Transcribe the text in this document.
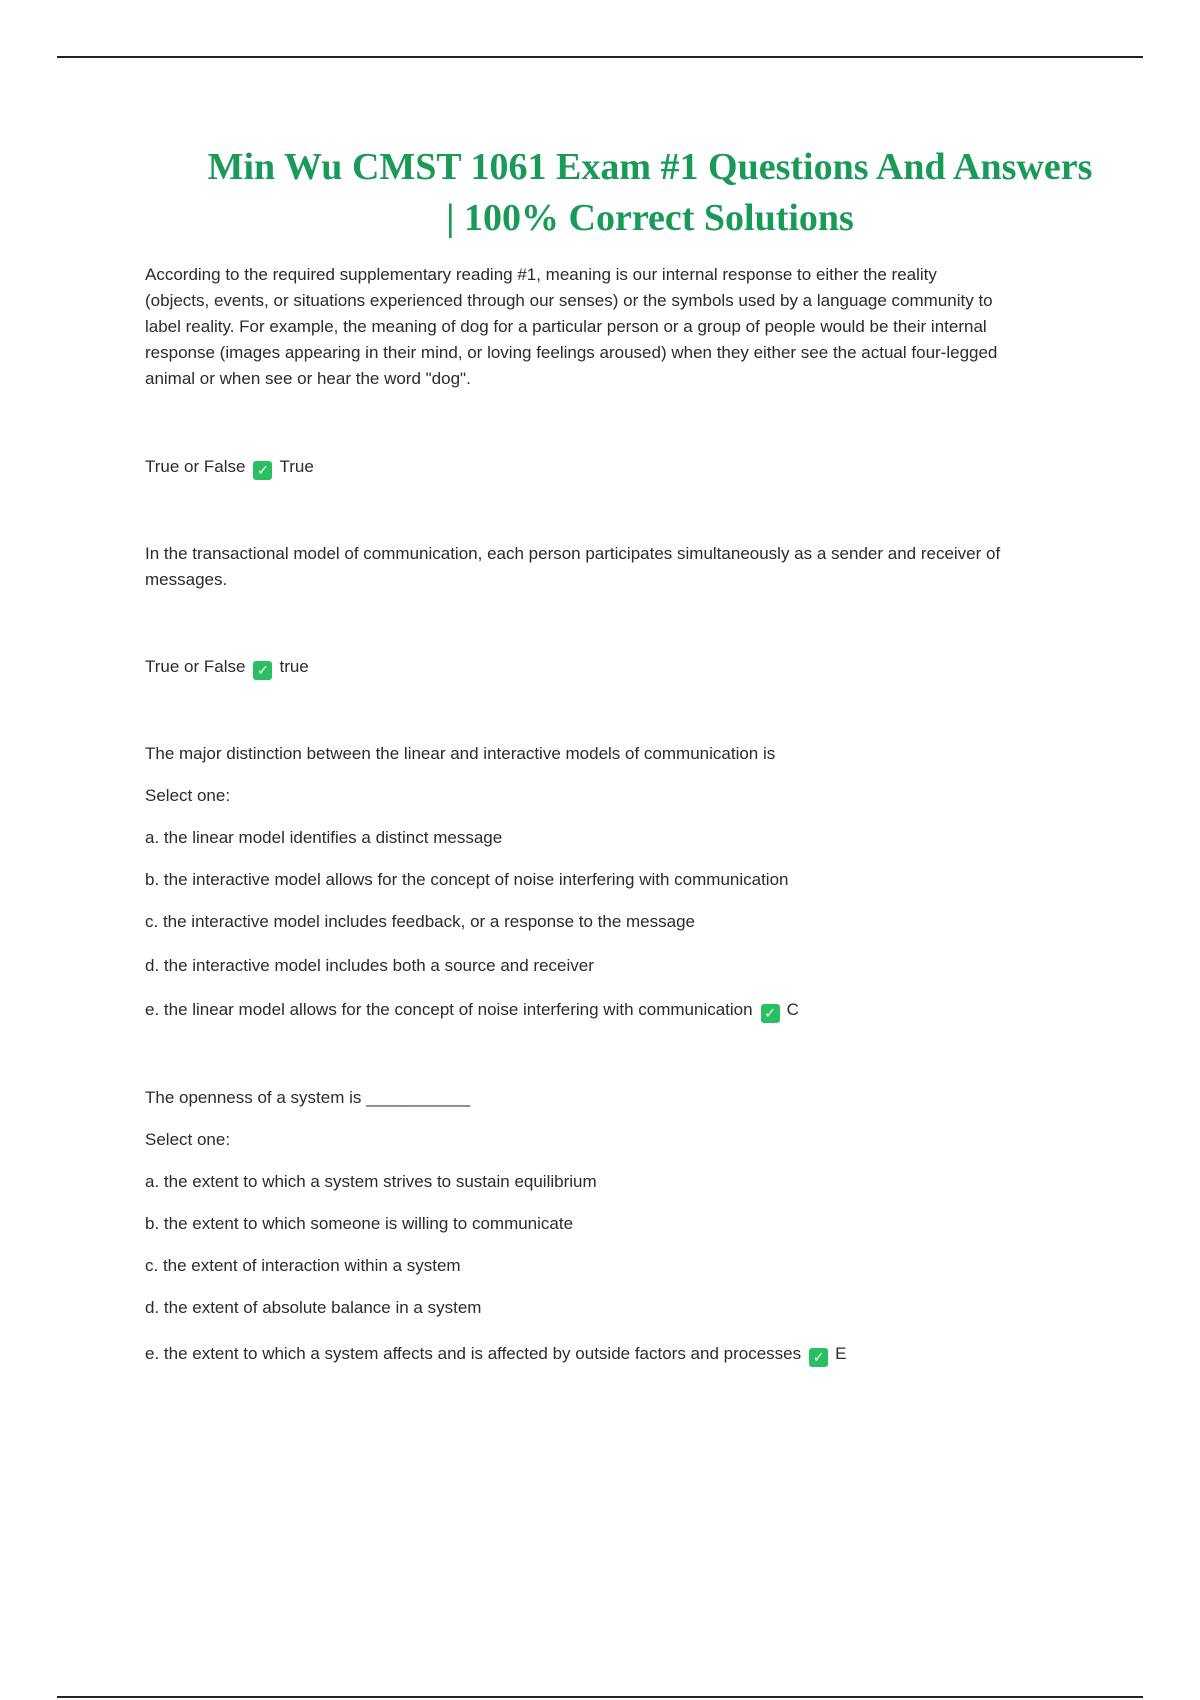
Min Wu CMST 1061 Exam #1 Questions And Answers
| 100% Correct Solutions
According to the required supplementary reading #1, meaning is our internal response to either the reality
(objects, events, or situations experienced through our senses) or the symbols used by a language community to
label reality. For example, the meaning of dog for a particular person or a group of people would be their internal
response (images appearing in their mind, or loving feelings aroused) when they either see the actual four-legged
animal or when see or hear the word "dog".
True or False ✓ True
In the transactional model of communication, each person participates simultaneously as a sender and receiver of
messages.
True or False ✓ true
The major distinction between the linear and interactive models of communication is
Select one:
a. the linear model identifies a distinct message
b. the interactive model allows for the concept of noise interfering with communication
c. the interactive model includes feedback, or a response to the message
d. the interactive model includes both a source and receiver
e. the linear model allows for the concept of noise interfering with communication ✓ C
The openness of a system is ___________
Select one:
a. the extent to which a system strives to sustain equilibrium
b. the extent to which someone is willing to communicate
c. the extent of interaction within a system
d. the extent of absolute balance in a system
e. the extent to which a system affects and is affected by outside factors and processes ✓ E
